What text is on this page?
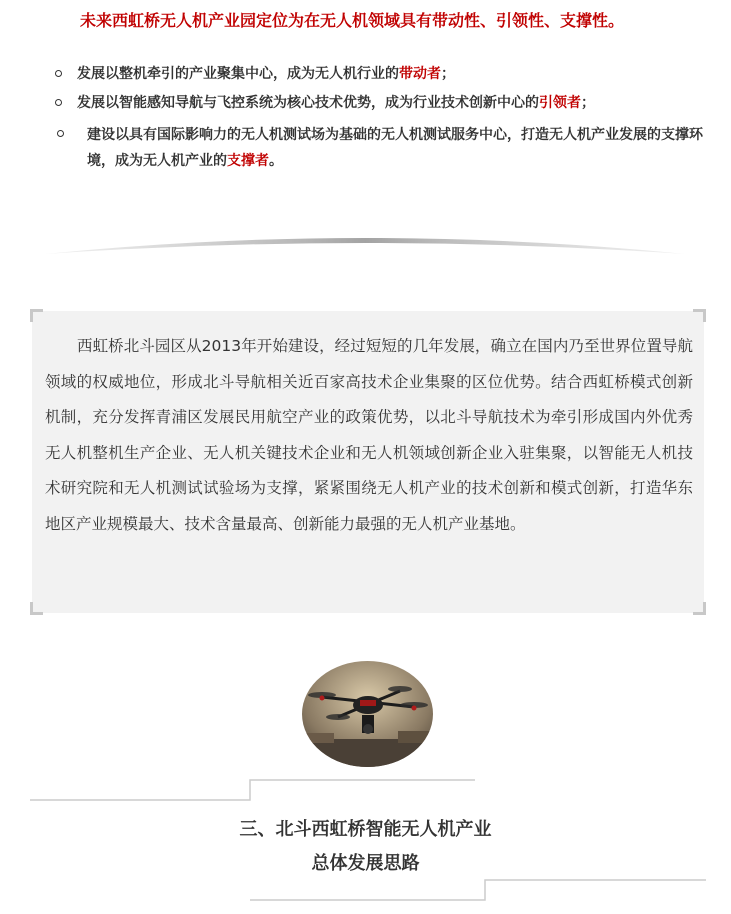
未来西虹桥无人机产业园定位为在无人机领域具有带动性、引领性、支撑性。
发展以整机牵引的产业聚集中心，成为无人机行业的带动者；
发展以智能感知导航与飞控系统为核心技术优势，成为行业技术创新中心的引领者；
建设以具有国际影响力的无人机测试场为基础的无人机测试服务中心，打造无人机产业发展的支撑环境，成为无人机产业的支撑者。

西虹桥北斗园区从2013年开始建设，经过短短的几年发展，确立在国内乃至世界位置导航领域的权威地位，形成北斗导航相关近百家高技术企业集聚的区位优势。结合西虹桥模式创新机制，充分发挥青浦区发展民用航空产业的政策优势，以北斗导航技术为牵引形成国内外优秀无人机整机生产企业、无人机关键技术企业和无人机领域创新企业入驻集聚，以智能无人机技术研究院和无人机测试试验场为支撑，紧紧围绕无人机产业的技术创新和模式创新，打造华东地区产业规模最大、技术含量最高、创新能力最强的无人机产业基地。

三、北斗西虹桥智能无人机产业
总体发展思路
